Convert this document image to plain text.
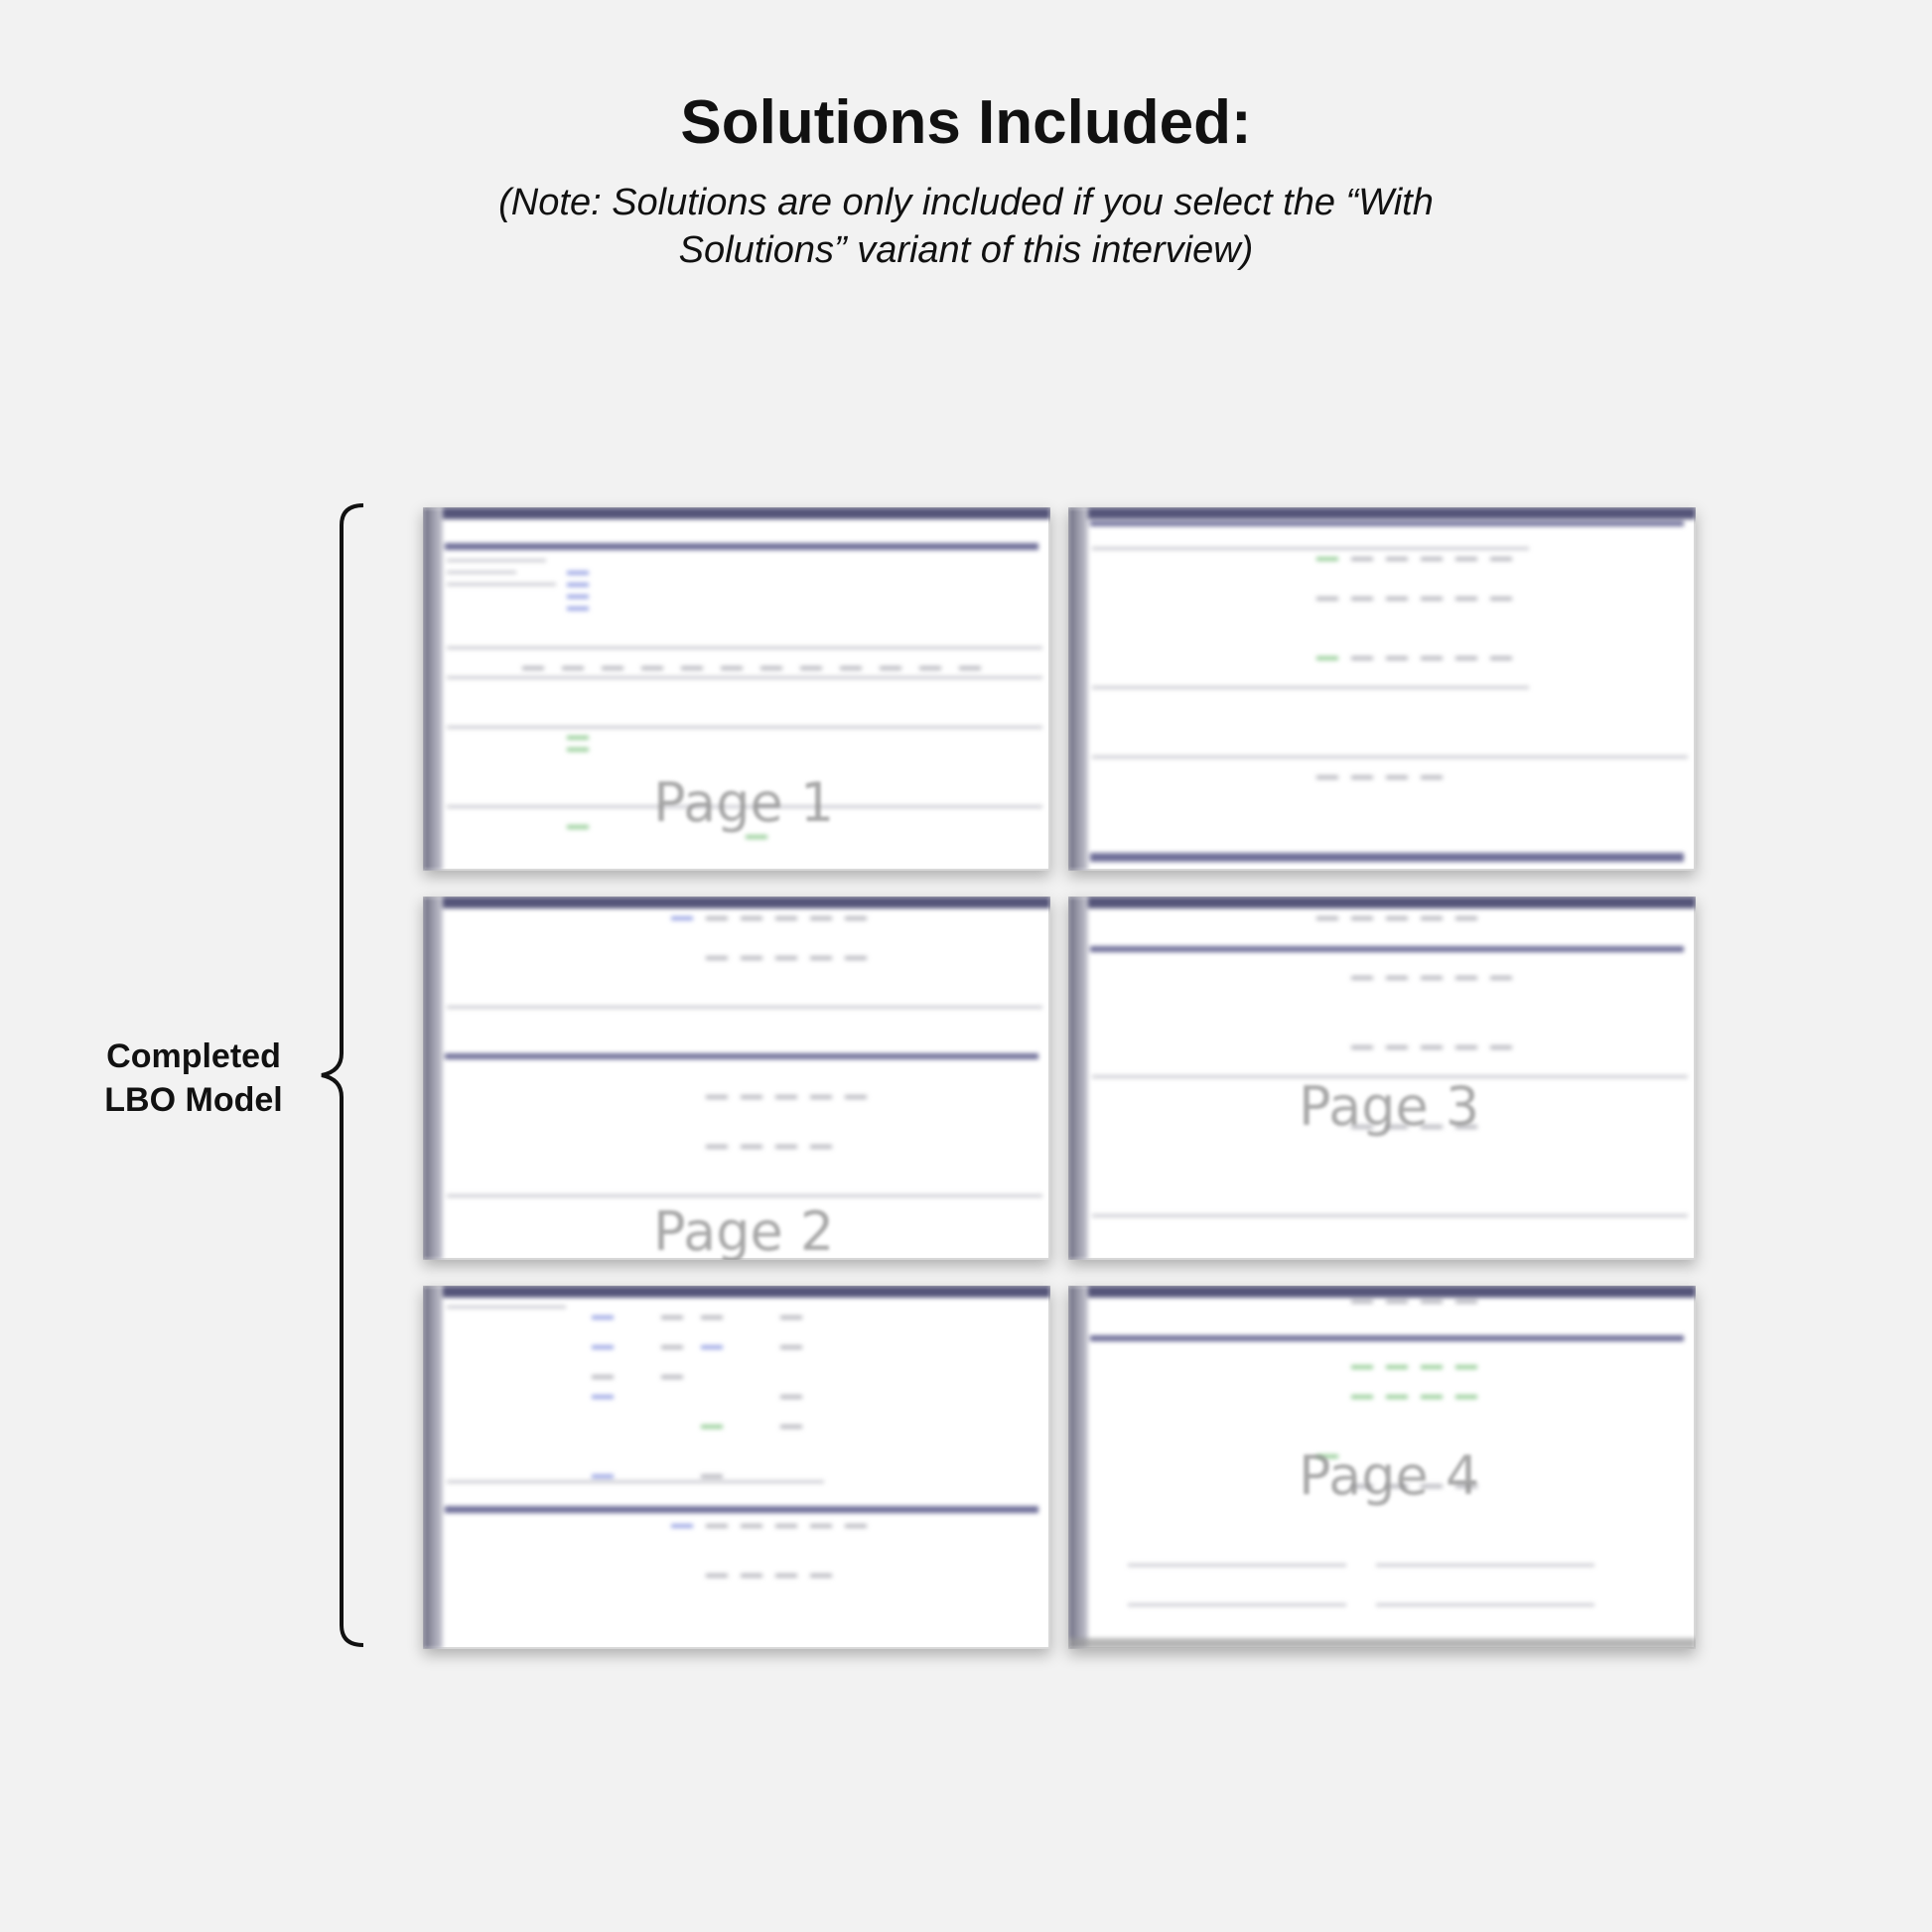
Solutions Included:
(Note: Solutions are only included if you select the “With
Solutions” variant of this interview)
Completed
LBO Model
Page 1
Page 2
Page 3
Page 4
